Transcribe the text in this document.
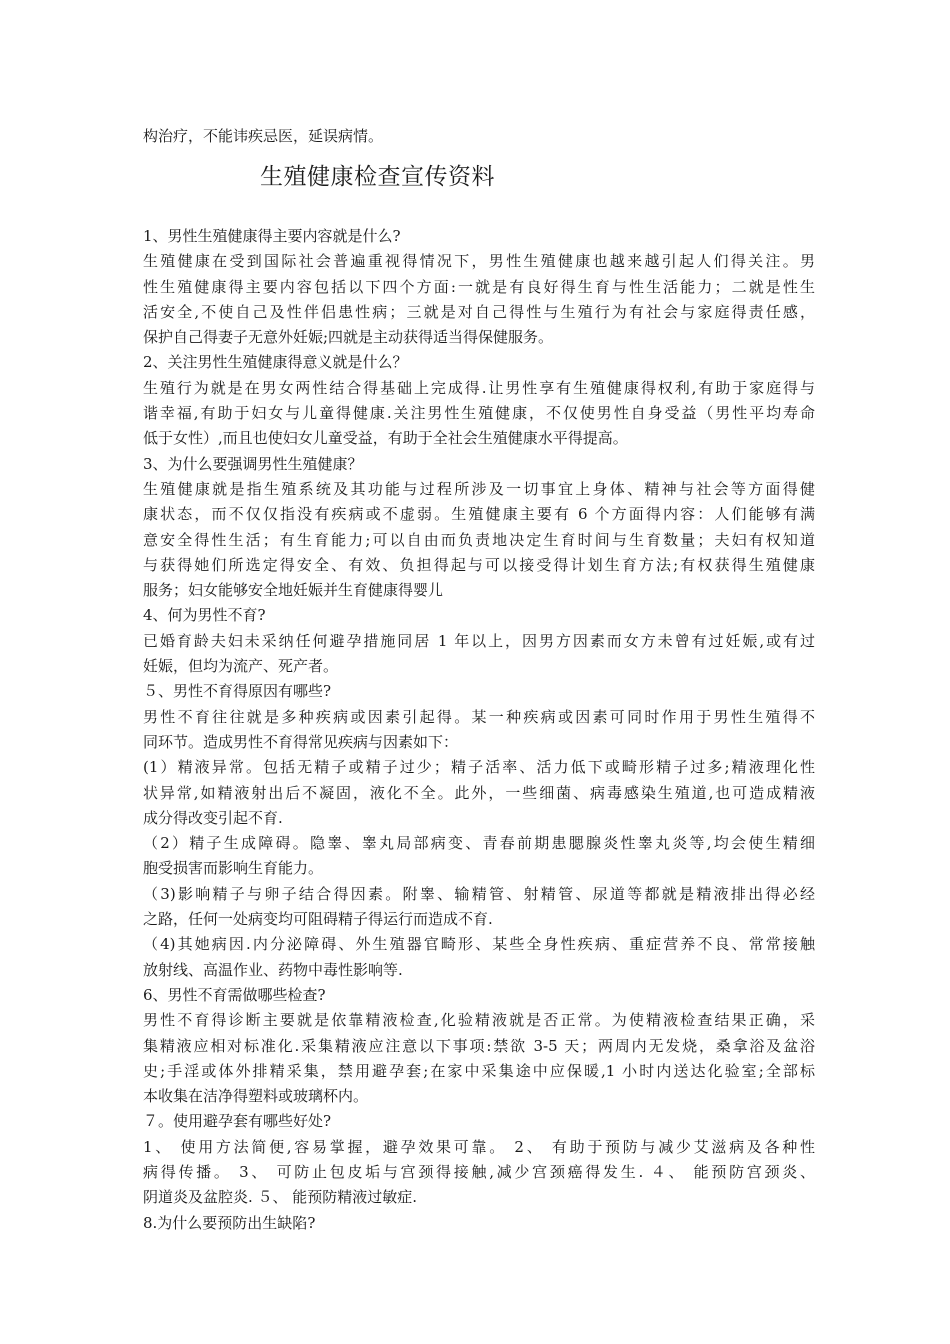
构治疗，不能讳疾忌医，延误病情。
生殖健康检查宣传资料
1、男性生殖健康得主要内容就是什么?
生殖健康在受到国际社会普遍重视得情况下，男性生殖健康也越来越引起人们得关注。男
性生殖健康得主要内容包括以下四个方面:一就是有良好得生育与性生活能力；二就是性生
活安全,不使自己及性伴侣患性病；三就是对自己得性与生殖行为有社会与家庭得责任感，
保护自己得妻子无意外妊娠;四就是主动获得适当得保健服务。
2、关注男性生殖健康得意义就是什么？
生殖行为就是在男女两性结合得基础上完成得.让男性享有生殖健康得权利,有助于家庭得与
谐幸福,有助于妇女与儿童得健康.关注男性生殖健康，不仅使男性自身受益（男性平均寿命
低于女性）,而且也使妇女儿童受益，有助于全社会生殖健康水平得提高。
3、为什么要强调男性生殖健康？
生殖健康就是指生殖系统及其功能与过程所涉及一切事宜上身体、精神与社会等方面得健
康状态，而不仅仅指没有疾病或不虚弱。生殖健康主要有 6 个方面得内容：人们能够有满
意安全得性生活；有生育能力;可以自由而负责地决定生育时间与生育数量；夫妇有权知道
与获得她们所选定得安全、有效、负担得起与可以接受得计划生育方法;有权获得生殖健康
服务；妇女能够安全地妊娠并生育健康得婴儿
4、何为男性不育?
已婚育龄夫妇未采纳任何避孕措施同居 1 年以上，因男方因素而女方未曾有过妊娠,或有过
妊娠，但均为流产、死产者。
５、男性不育得原因有哪些?
男性不育往往就是多种疾病或因素引起得。某一种疾病或因素可同时作用于男性生殖得不
同环节。造成男性不育得常见疾病与因素如下：
(1）精液异常。包括无精子或精子过少；精子活率、活力低下或畸形精子过多;精液理化性
状异常,如精液射出后不凝固，液化不全。此外，一些细菌、病毒感染生殖道,也可造成精液
成分得改变引起不育.
（2）精子生成障碍。隐睾、睾丸局部病变、青春前期患腮腺炎性睾丸炎等,均会使生精细
胞受损害而影响生育能力。
（3)影响精子与卵子结合得因素。附睾、输精管、射精管、尿道等都就是精液排出得必经
之路，任何一处病变均可阻碍精子得运行而造成不育.
（4)其她病因.内分泌障碍、外生殖器官畸形、某些全身性疾病、重症营养不良、常常接触
放射线、高温作业、药物中毒性影响等.
6、男性不育需做哪些检查?
男性不育得诊断主要就是依靠精液检查,化验精液就是否正常。为使精液检查结果正确，采
集精液应相对标准化.采集精液应注意以下事项:禁欲 3-5 天；两周内无发烧，桑拿浴及盆浴
史;手淫或体外排精采集，禁用避孕套;在家中采集途中应保暖,1 小时内送达化验室;全部标
本收集在洁净得塑料或玻璃杯内。
７。使用避孕套有哪些好处?
1、 使用方法简便,容易掌握，避孕效果可靠。 2、 有助于预防与减少艾滋病及各种性
病得传播。 3、 可防止包皮垢与宫颈得接触,减少宫颈癌得发生. ４、 能预防宫颈炎、
阴道炎及盆腔炎. ５、 能预防精液过敏症.
8.为什么要预防出生缺陷?
